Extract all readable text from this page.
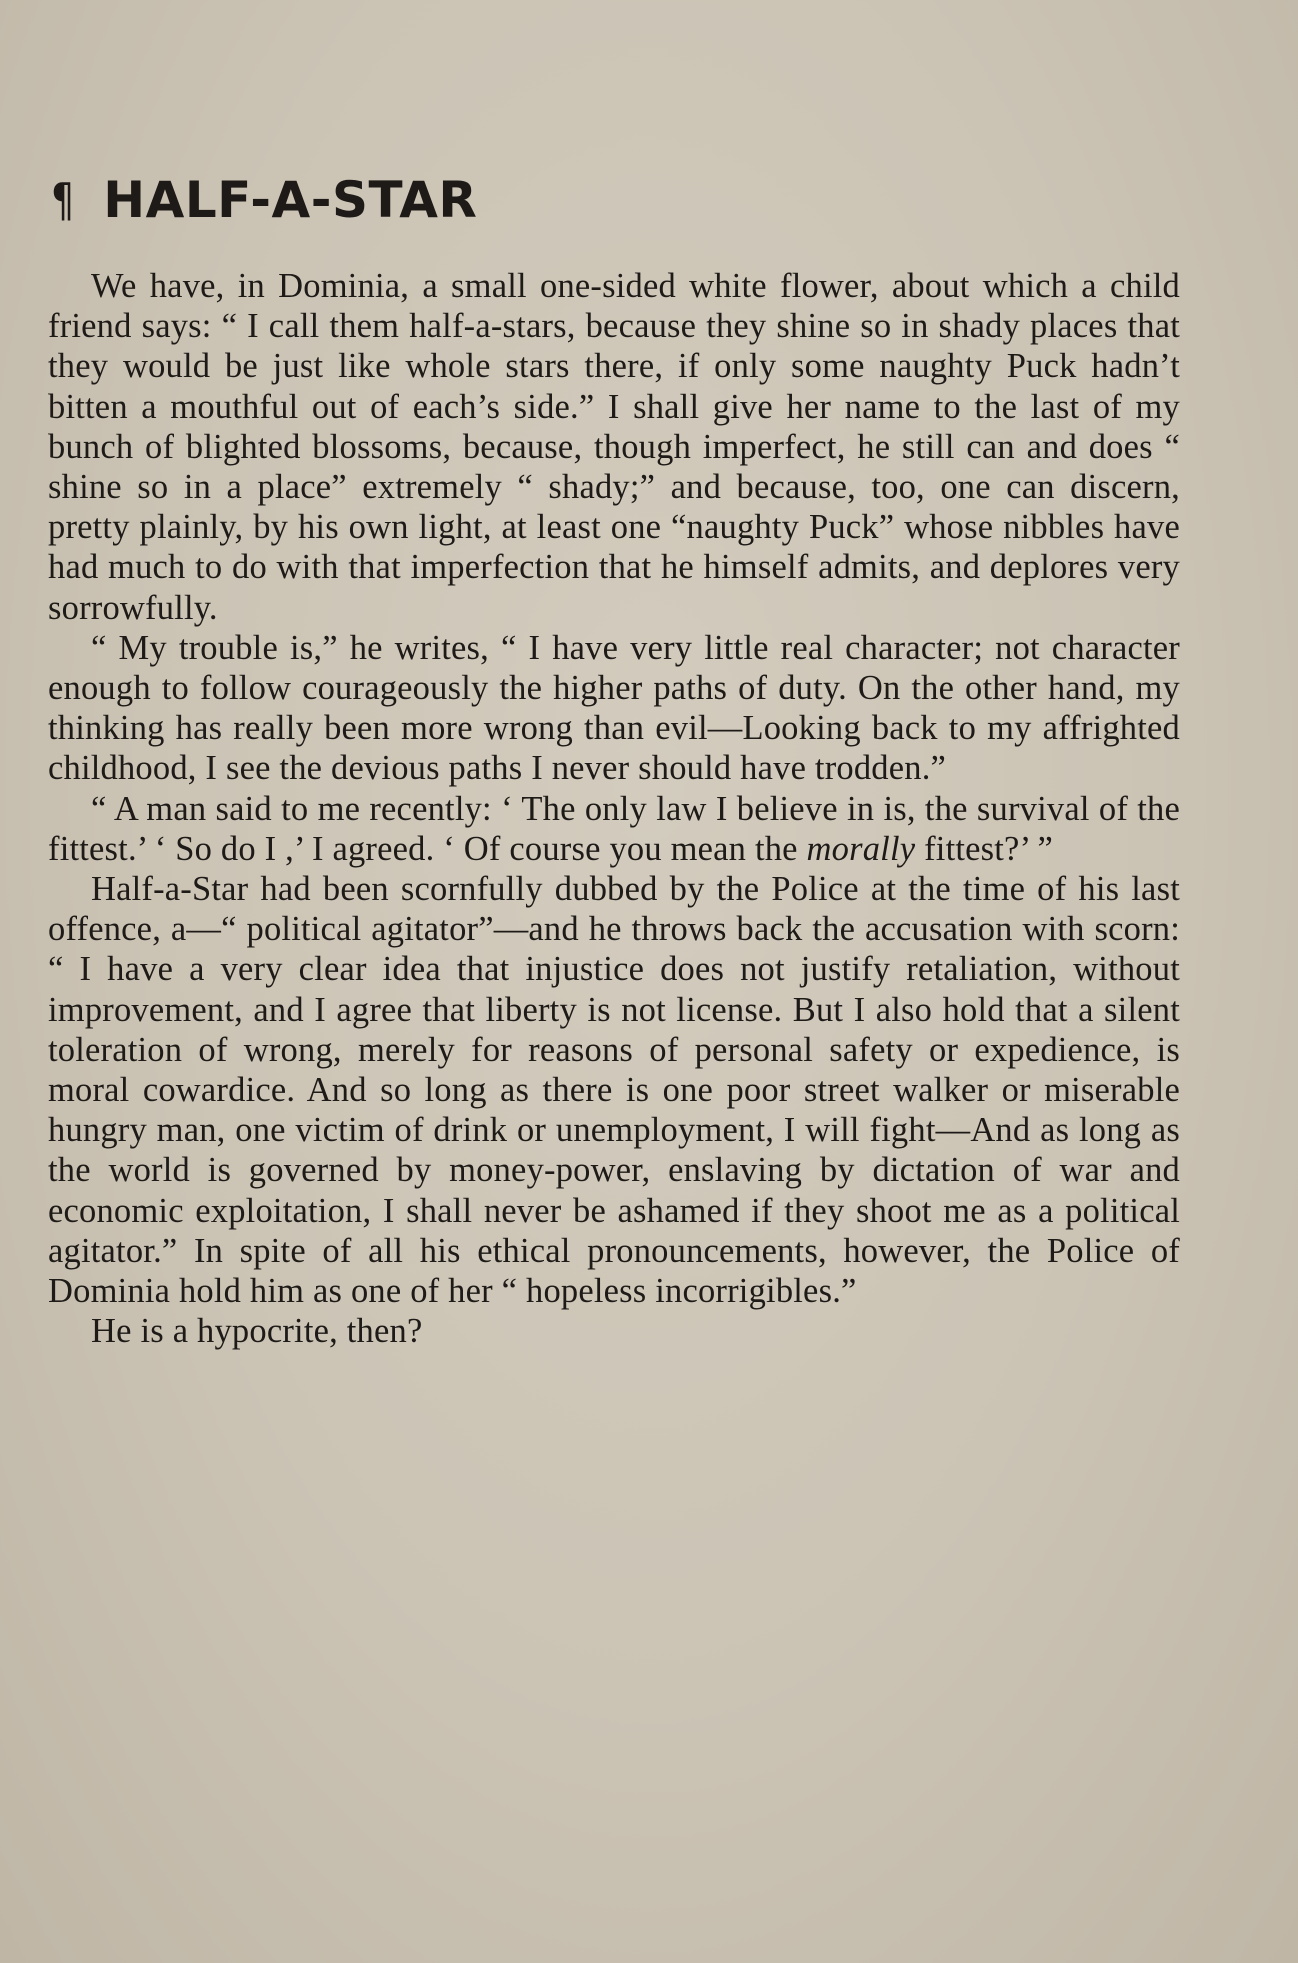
¶ HALF-A-STAR

We have, in Dominia, a small one-sided white flower, about which a child friend says: “ I call them half-a-stars, because they shine so in shady places that they would be just like whole stars there, if only some naughty Puck hadn’t bitten a mouthful out of each’s side.” I shall give her name to the last of my bunch of blighted blossoms, because, though imperfect, he still can and does “ shine so in a place” extremely “ shady;” and because, too, one can discern, pretty plainly, by his own light, at least one “naughty Puck” whose nibbles have had much to do with that imperfection that he himself admits, and deplores very sorrowfully.

“ My trouble is,” he writes, “ I have very little real character; not character enough to follow courageously the higher paths of duty. On the other hand, my thinking has really been more wrong than evil—Looking back to my affrighted childhood, I see the devious paths I never should have trodden.”

“ A man said to me recently: ‘ The only law I believe in is, the survival of the fittest.’ ‘ So do I ,’ I agreed. ‘ Of course you mean the morally fittest?’ ”

Half-a-Star had been scornfully dubbed by the Police at the time of his last offence, a—“ political agitator”—and he throws back the accusation with scorn: “ I have a very clear idea that injustice does not justify retaliation, without improvement, and I agree that liberty is not license. But I also hold that a silent toleration of wrong, merely for reasons of personal safety or expedience, is moral cowardice. And so long as there is one poor street walker or miserable hungry man, one victim of drink or unemployment, I will fight—And as long as the world is governed by money-power, enslaving by dictation of war and economic exploitation, I shall never be ashamed if they shoot me as a political agitator.” In spite of all his ethical pronouncements, however, the Police of Dominia hold him as one of her “ hopeless incorrigibles.”

He is a hypocrite, then?
